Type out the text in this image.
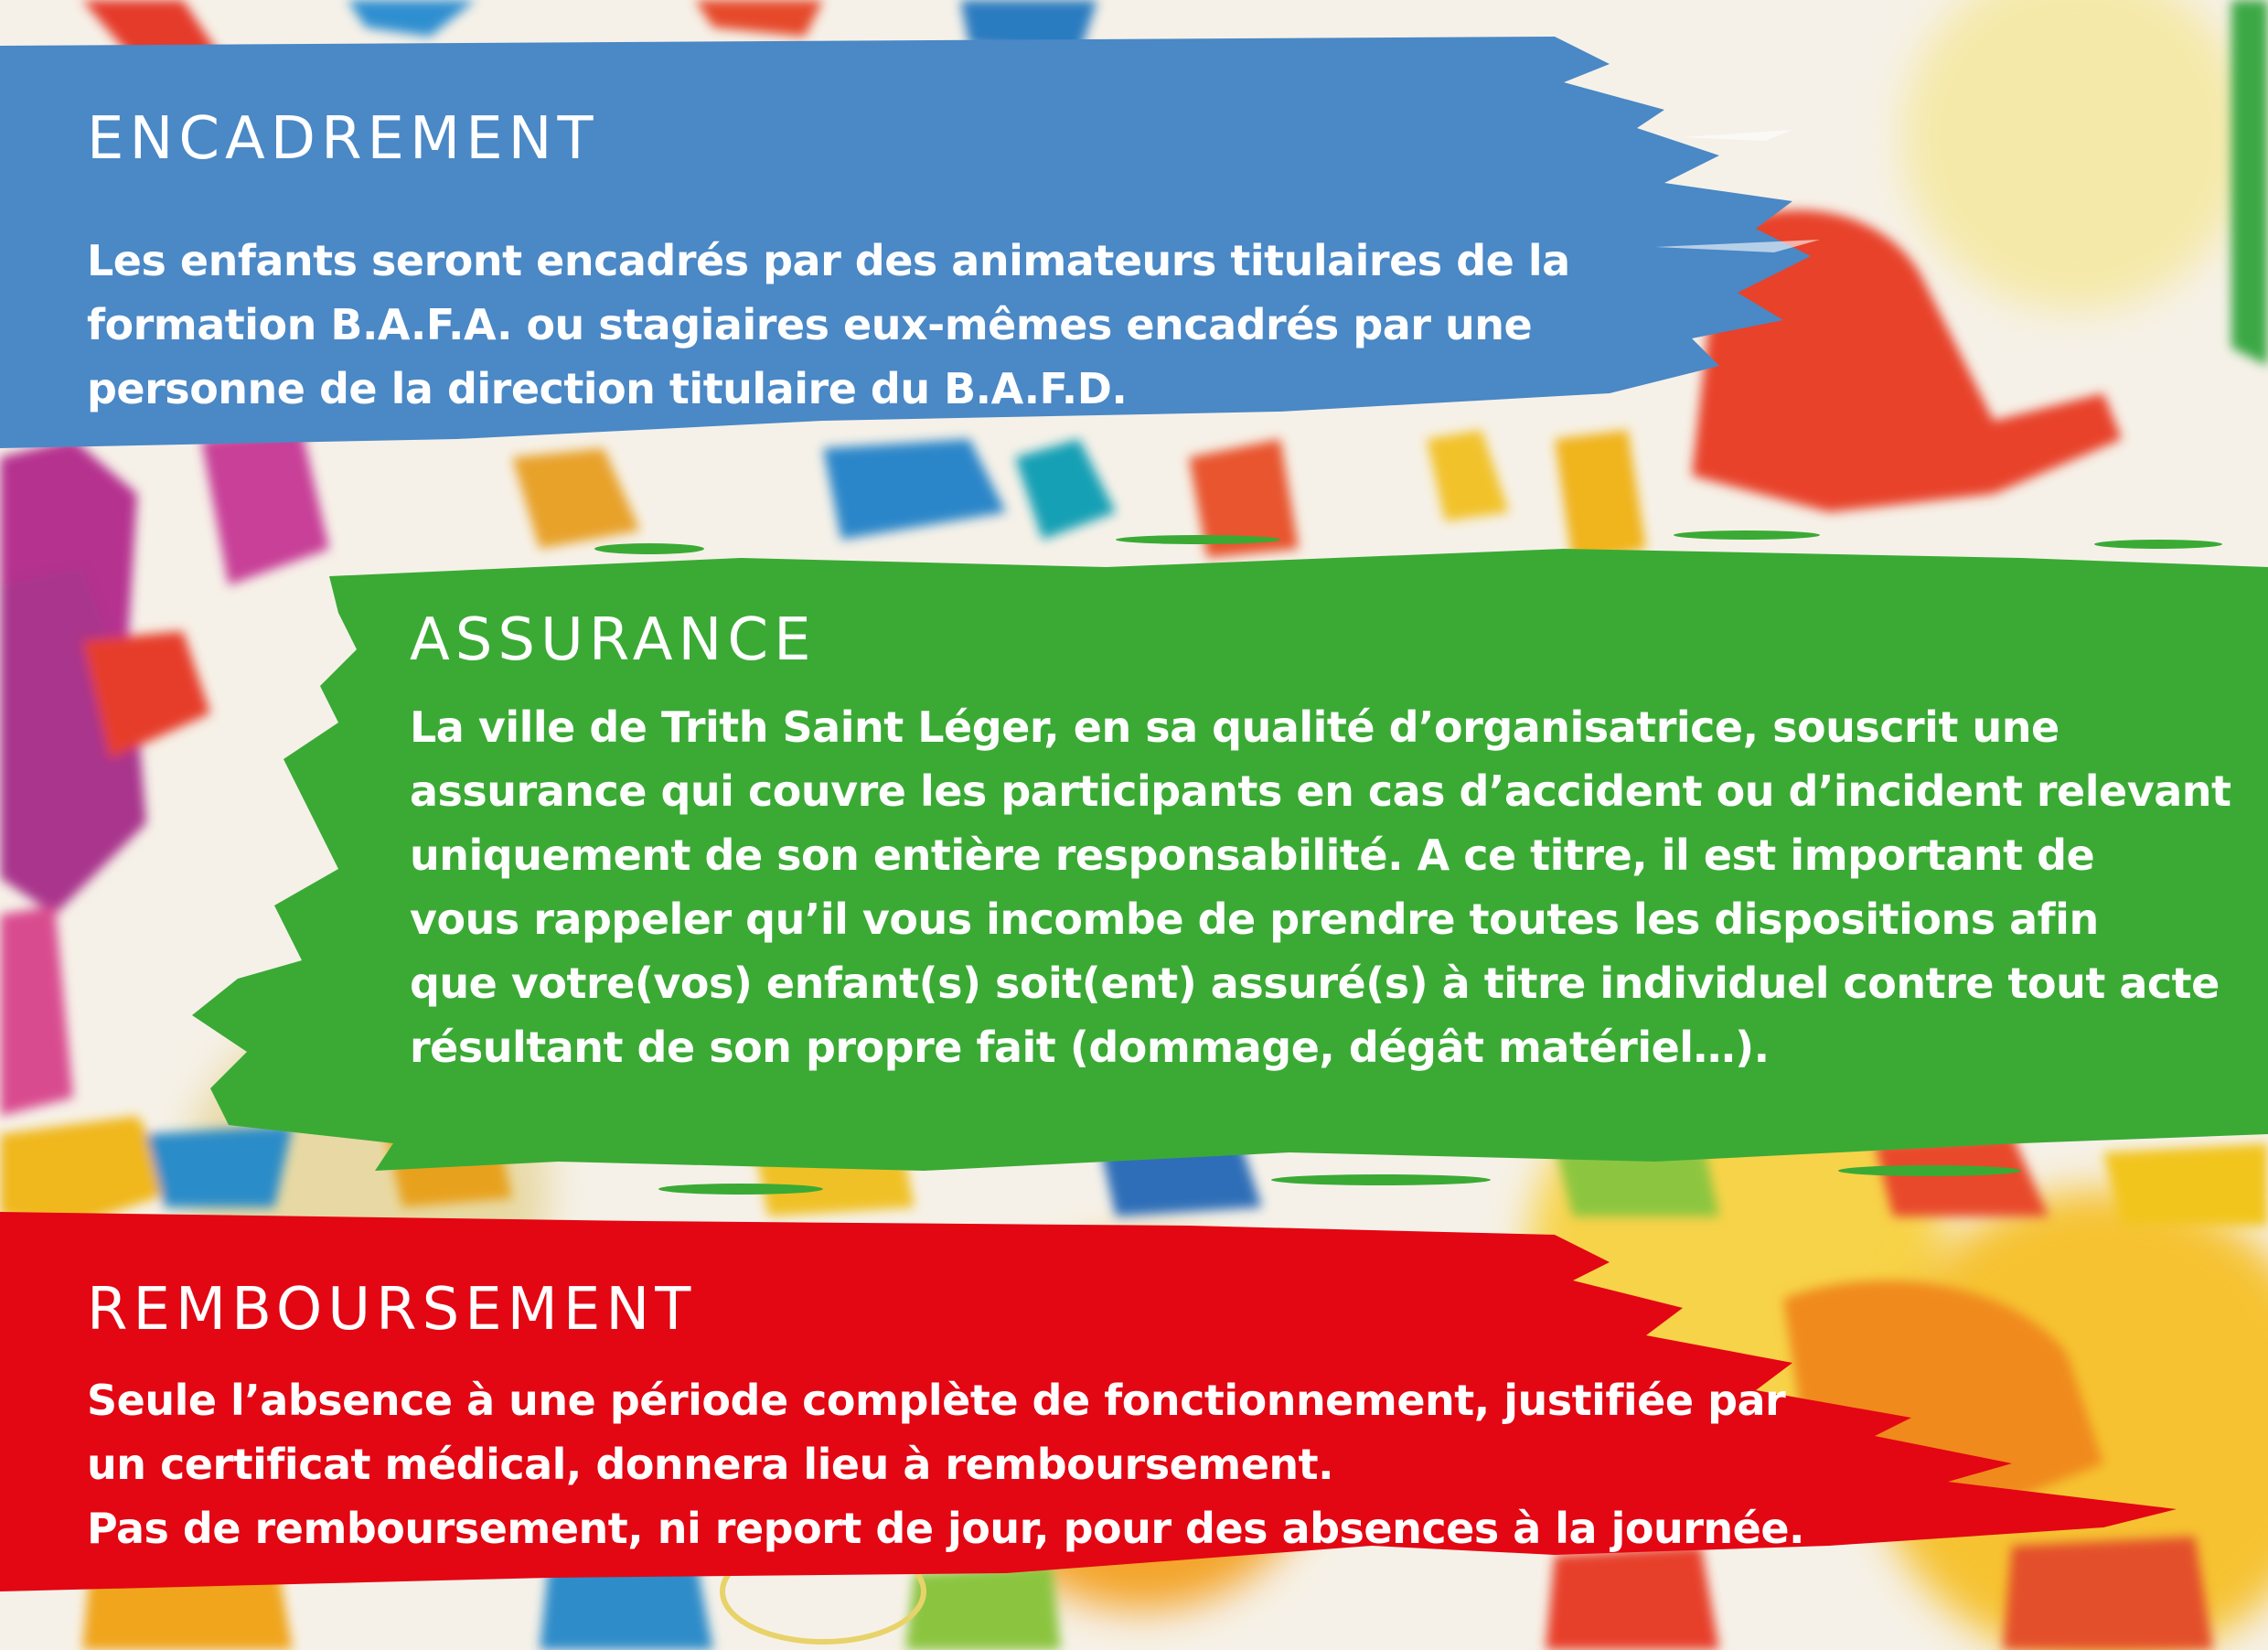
ENCADREMENT

Les enfants seront encadrés par des animateurs titulaires de la
formation B.A.F.A. ou stagiaires eux-mêmes encadrés par une
personne de la direction titulaire du B.A.F.D.

ASSURANCE

La ville de Trith Saint Léger, en sa qualité d’organisatrice, souscrit une
assurance qui couvre les participants en cas d’accident ou d’incident relevant
uniquement de son entière responsabilité. A ce titre, il est important de
vous rappeler qu’il vous incombe de prendre toutes les dispositions afin
que votre(vos) enfant(s) soit(ent) assuré(s) à titre individuel contre tout acte
résultant de son propre fait (dommage, dégât matériel…).

REMBOURSEMENT

Seule l’absence à une période complète de fonctionnement, justifiée par
un certificat médical, donnera lieu à remboursement.
Pas de remboursement, ni report de jour, pour des absences à la journée.
